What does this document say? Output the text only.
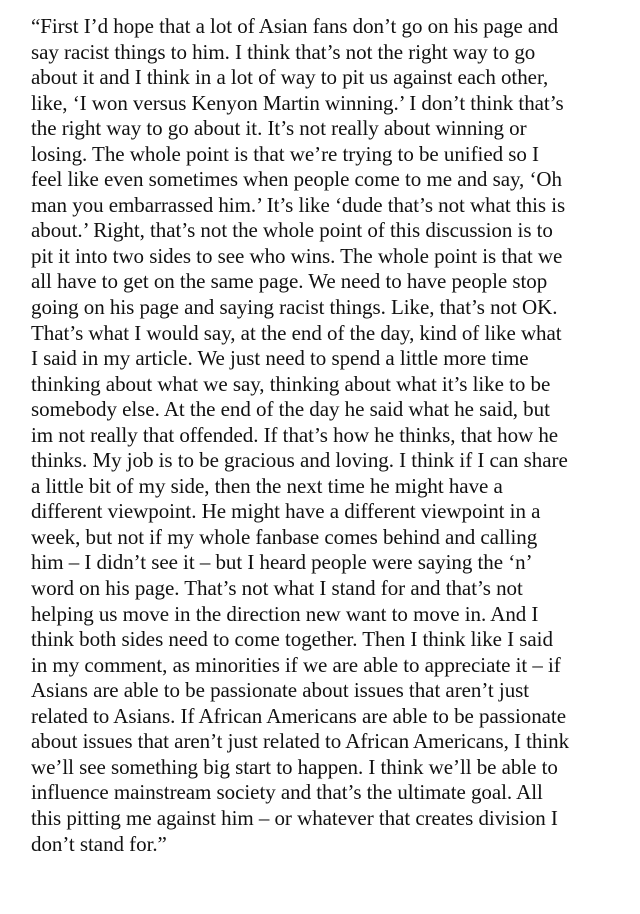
“First I’d hope that a lot of Asian fans don’t go on his page and
say racist things to him. I think that’s not the right way to go
about it and I think in a lot of way to pit us against each other,
like, ‘I won versus Kenyon Martin winning.’ I don’t think that’s
the right way to go about it. It’s not really about winning or
losing. The whole point is that we’re trying to be unified so I
feel like even sometimes when people come to me and say, ‘Oh
man you embarrassed him.’ It’s like ‘dude that’s not what this is
about.’ Right, that’s not the whole point of this discussion is to
pit it into two sides to see who wins. The whole point is that we
all have to get on the same page. We need to have people stop
going on his page and saying racist things. Like, that’s not OK.
That’s what I would say, at the end of the day, kind of like what
I said in my article. We just need to spend a little more time
thinking about what we say, thinking about what it’s like to be
somebody else. At the end of the day he said what he said, but
im not really that offended. If that’s how he thinks, that how he
thinks. My job is to be gracious and loving. I think if I can share
a little bit of my side, then the next time he might have a
different viewpoint. He might have a different viewpoint in a
week, but not if my whole fanbase comes behind and calling
him – I didn’t see it – but I heard people were saying the ‘n’
word on his page. That’s not what I stand for and that’s not
helping us move in the direction new want to move in. And I
think both sides need to come together. Then I think like I said
in my comment, as minorities if we are able to appreciate it – if
Asians are able to be passionate about issues that aren’t just
related to Asians. If African Americans are able to be passionate
about issues that aren’t just related to African Americans, I think
we’ll see something big start to happen. I think we’ll be able to
influence mainstream society and that’s the ultimate goal. All
this pitting me against him – or whatever that creates division I
don’t stand for.”
